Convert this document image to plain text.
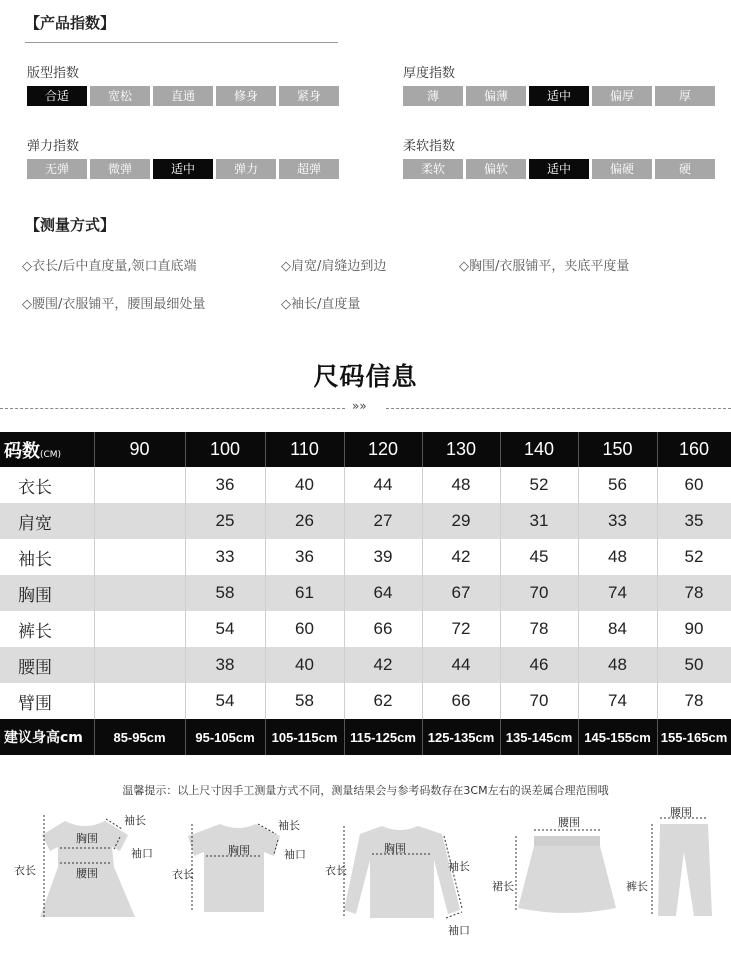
【产品指数】
版型指数
合适	宽松	直通	修身	紧身
厚度指数
薄	偏薄	适中	偏厚	厚
弹力指数
无弹	微弹	适中	弹力	超弹
柔软指数
柔软	偏软	适中	偏硬	硬
【测量方式】
◇衣长/后中直度量,领口直底端	◇肩宽/肩缝边到边	◇胸围/衣服铺平，夹底平度量
◇腰围/衣服铺平，腰围最细处量	◇袖长/直度量
尺码信息
»»
码数(CM)	90	100	110	120	130	140	150	160
衣长		36	40	44	48	52	56	60
肩宽		25	26	27	29	31	33	35
袖长		33	36	39	42	45	48	52
胸围		58	61	64	67	70	74	78
裤长		54	60	66	72	78	84	90
腰围		38	40	42	44	46	48	50
臂围		54	58	62	66	70	74	78
建议身高cm	85-95cm	95-105cm	105-115cm	115-125cm	125-135cm	135-145cm	145-155cm	155-165cm
温馨提示：以上尺寸因手工测量方式不同，测量结果会与参考码数存在3CM左右的误差属合理范围哦
衣长
胸围
腰围
袖长
袖口
衣长
胸围
袖长
袖口
衣长
胸围
袖长
袖口
腰围
裙长
腰围
裤长
